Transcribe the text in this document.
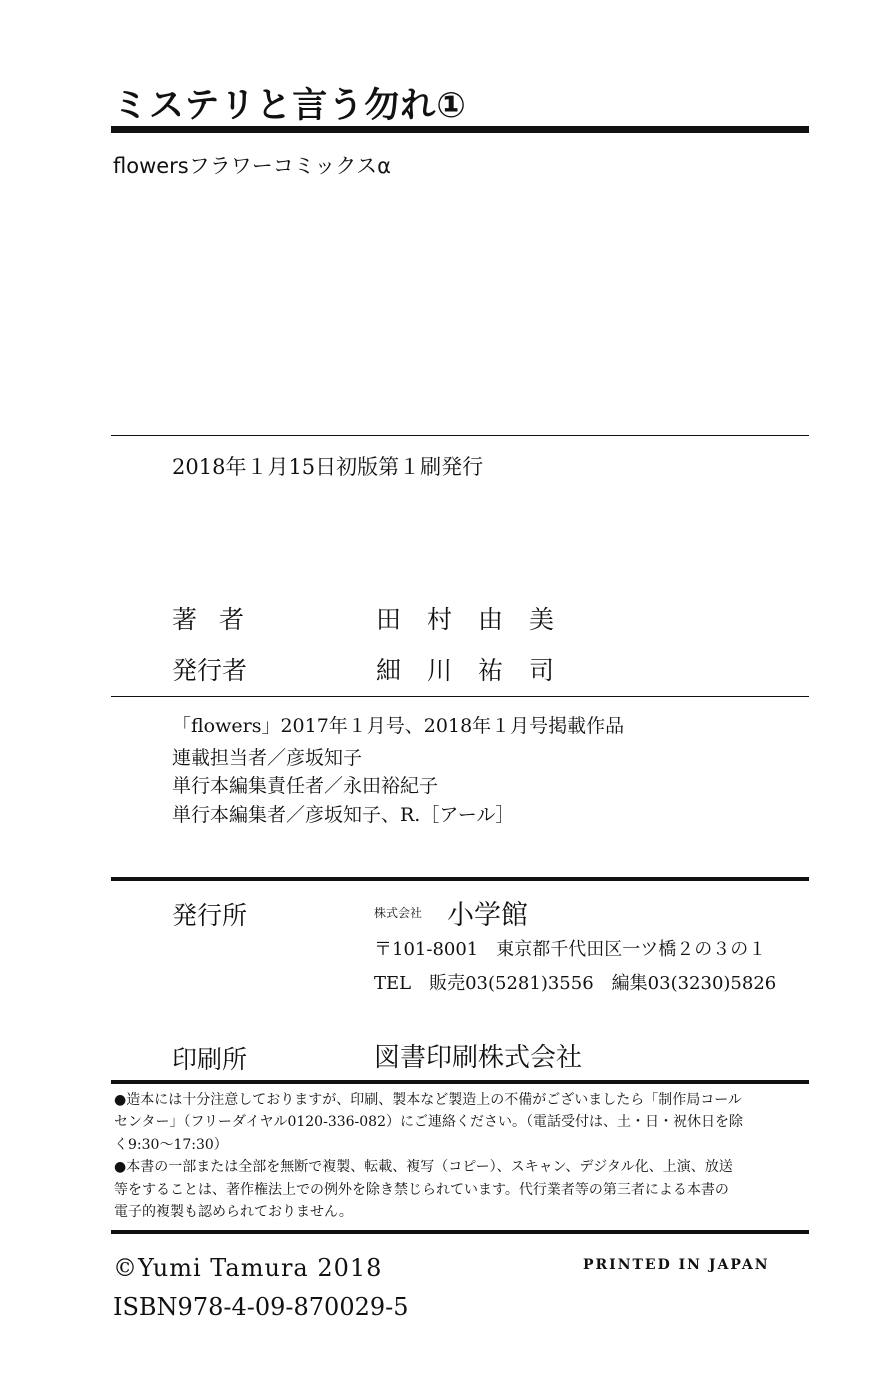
ミステリと言う勿れ①
flowersフラワーコミックスα
2018年１月15日初版第１刷発行
著者	田村由美
発行者	細川祐司
「flowers」2017年１月号、2018年１月号掲載作品
連載担当者／彦坂知子
単行本編集責任者／永田裕紀子
単行本編集者／彦坂知子、R.［アール］
発行所	株式会社 小学館
〒101-8001　東京都千代田区一ツ橋２の３の１
TEL　販売03(5281)3556　編集03(3230)5826
印刷所	図書印刷株式会社
●造本には十分注意しておりますが、印刷、製本など製造上の不備がございましたら「制作局コール
センター」（フリーダイヤル0120-336-082）にご連絡ください。（電話受付は、土・日・祝休日を除
く9:30～17:30）
●本書の一部または全部を無断で複製、転載、複写（コピー）、スキャン、デジタル化、上演、放送
等をすることは、著作権法上での例外を除き禁じられています。代行業者等の第三者による本書の
電子的複製も認められておりません。
©Yumi Tamura 2018	PRINTED IN JAPAN
ISBN978-4-09-870029-5
